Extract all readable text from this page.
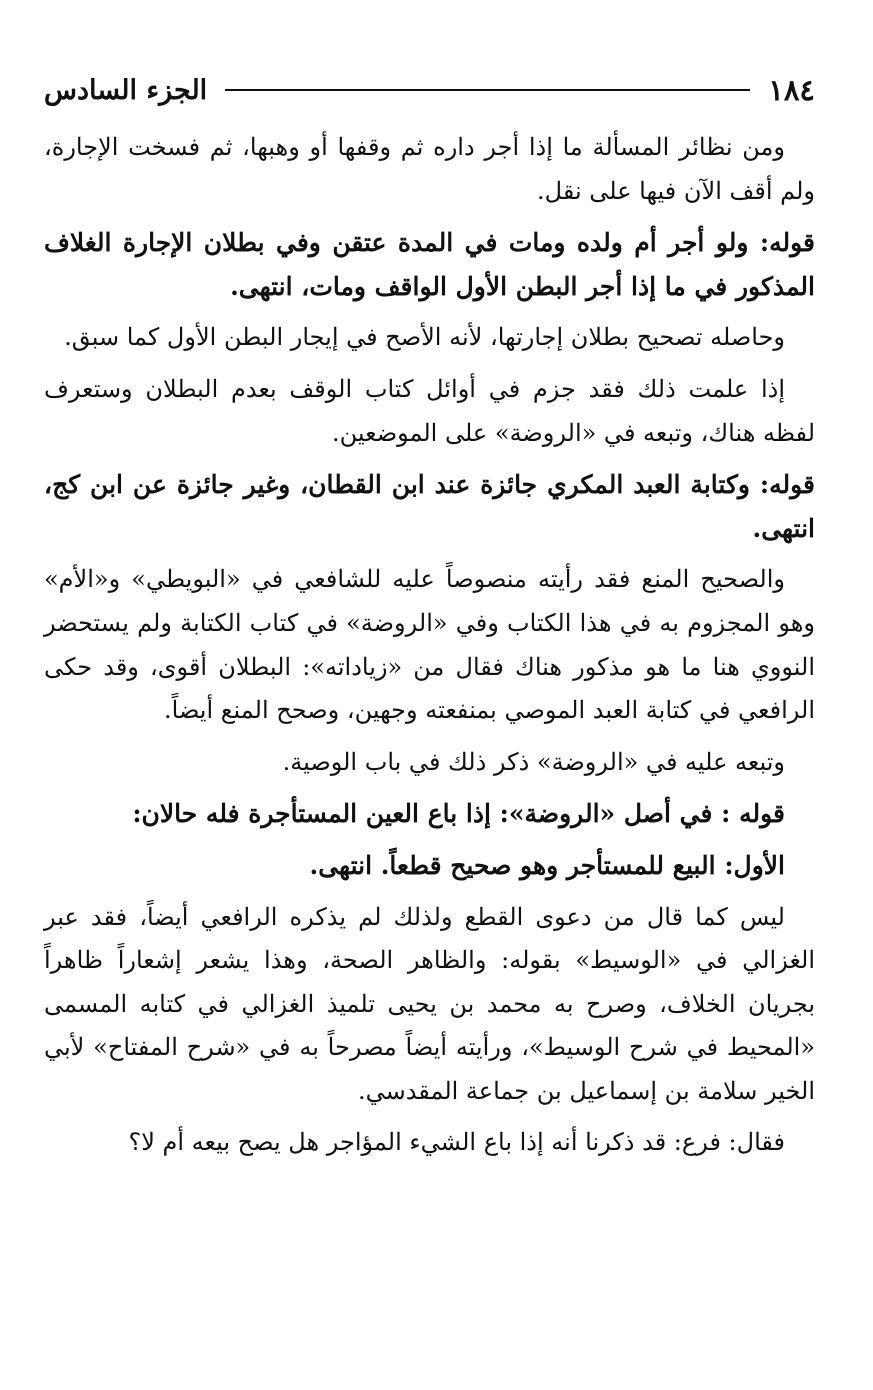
١٨٤
الجزء السادس

ومن نظائر المسألة ما إذا أجر داره ثم وقفها أو وهبها، ثم فسخت الإجارة، ولم أقف الآن فيها على نقل.

قوله: ولو أجر أم ولده ومات في المدة عتقن وفي بطلان الإجارة الغلاف المذكور في ما إذا أجر البطن الأول الواقف ومات، انتهى.

وحاصله تصحيح بطلان إجارتها، لأنه الأصح في إيجار البطن الأول كما سبق.

إذا علمت ذلك فقد جزم في أوائل كتاب الوقف بعدم البطلان وستعرف لفظه هناك، وتبعه في «الروضة» على الموضعين.

قوله: وكتابة العبد المكري جائزة عند ابن القطان، وغير جائزة عن ابن كج، انتهى.

والصحيح المنع فقد رأيته منصوصاً عليه للشافعي في «البويطي» و«الأم» وهو المجزوم به في هذا الكتاب وفي «الروضة» في كتاب الكتابة ولم يستحضر النووي هنا ما هو مذكور هناك فقال من «زياداته»: البطلان أقوى، وقد حكى الرافعي في كتابة العبد الموصي بمنفعته وجهين، وصحح المنع أيضاً.

وتبعه عليه في «الروضة» ذكر ذلك في باب الوصية.

قوله : في أصل «الروضة»: إذا باع العين المستأجرة فله حالان:

الأول: البيع للمستأجر وهو صحيح قطعاً. انتهى.

ليس كما قال من دعوى القطع ولذلك لم يذكره الرافعي أيضاً، فقد عبر الغزالي في «الوسيط» بقوله: والظاهر الصحة، وهذا يشعر إشعاراً ظاهراً بجريان الخلاف، وصرح به محمد بن يحيى تلميذ الغزالي في كتابه المسمى «المحيط في شرح الوسيط»، ورأيته أيضاً مصرحاً به في «شرح المفتاح» لأبي الخير سلامة بن إسماعيل بن جماعة المقدسي.

فقال: فرع: قد ذكرنا أنه إذا باع الشيء المؤاجر هل يصح بيعه أم لا؟
